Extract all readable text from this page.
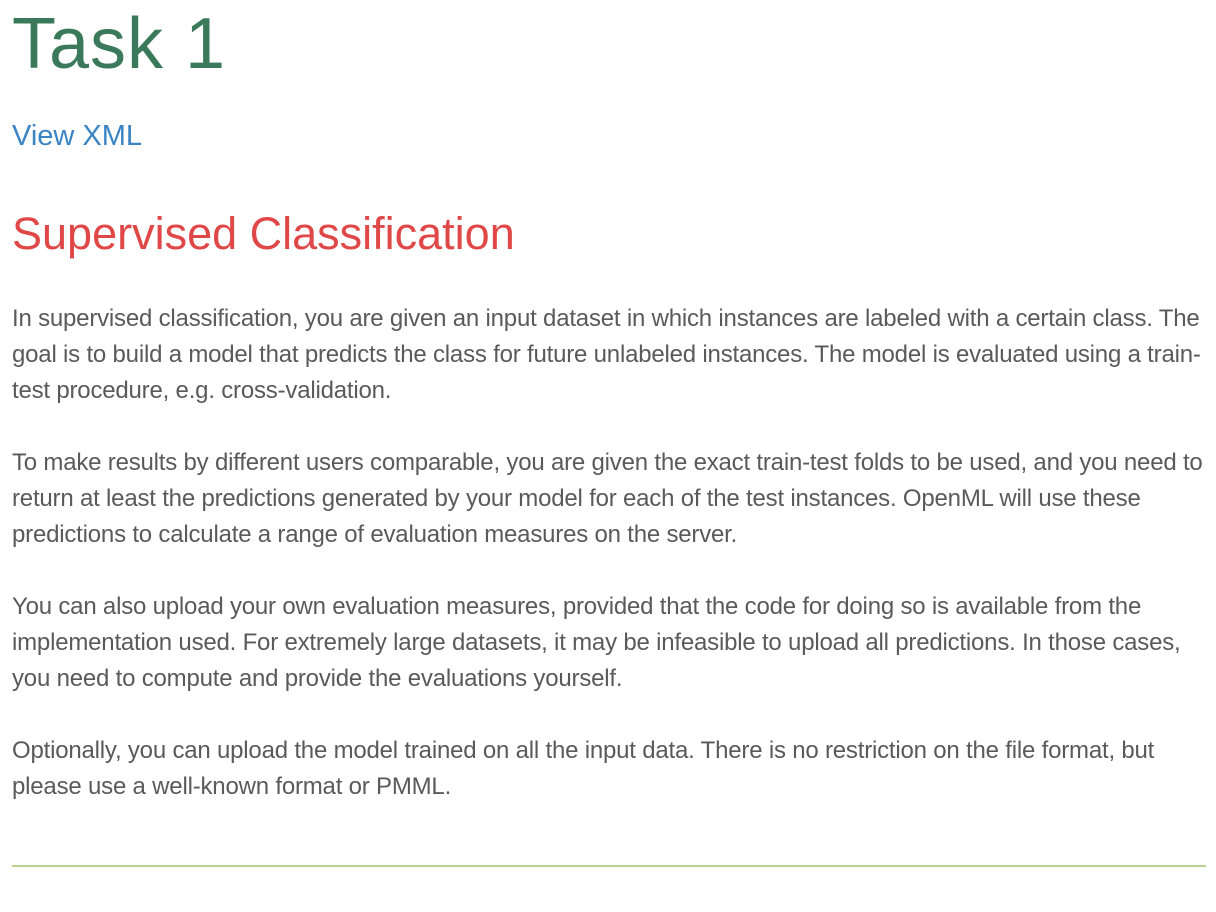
Task 1
View XML
Supervised Classification

In supervised classification, you are given an input dataset in which instances are labeled with a certain class. The goal is to build a model that predicts the class for future unlabeled instances. The model is evaluated using a train-test procedure, e.g. cross-validation.

To make results by different users comparable, you are given the exact train-test folds to be used, and you need to return at least the predictions generated by your model for each of the test instances. OpenML will use these predictions to calculate a range of evaluation measures on the server.

You can also upload your own evaluation measures, provided that the code for doing so is available from the implementation used. For extremely large datasets, it may be infeasible to upload all predictions. In those cases, you need to compute and provide the evaluations yourself.

Optionally, you can upload the model trained on all the input data. There is no restriction on the file format, but please use a well-known format or PMML.
